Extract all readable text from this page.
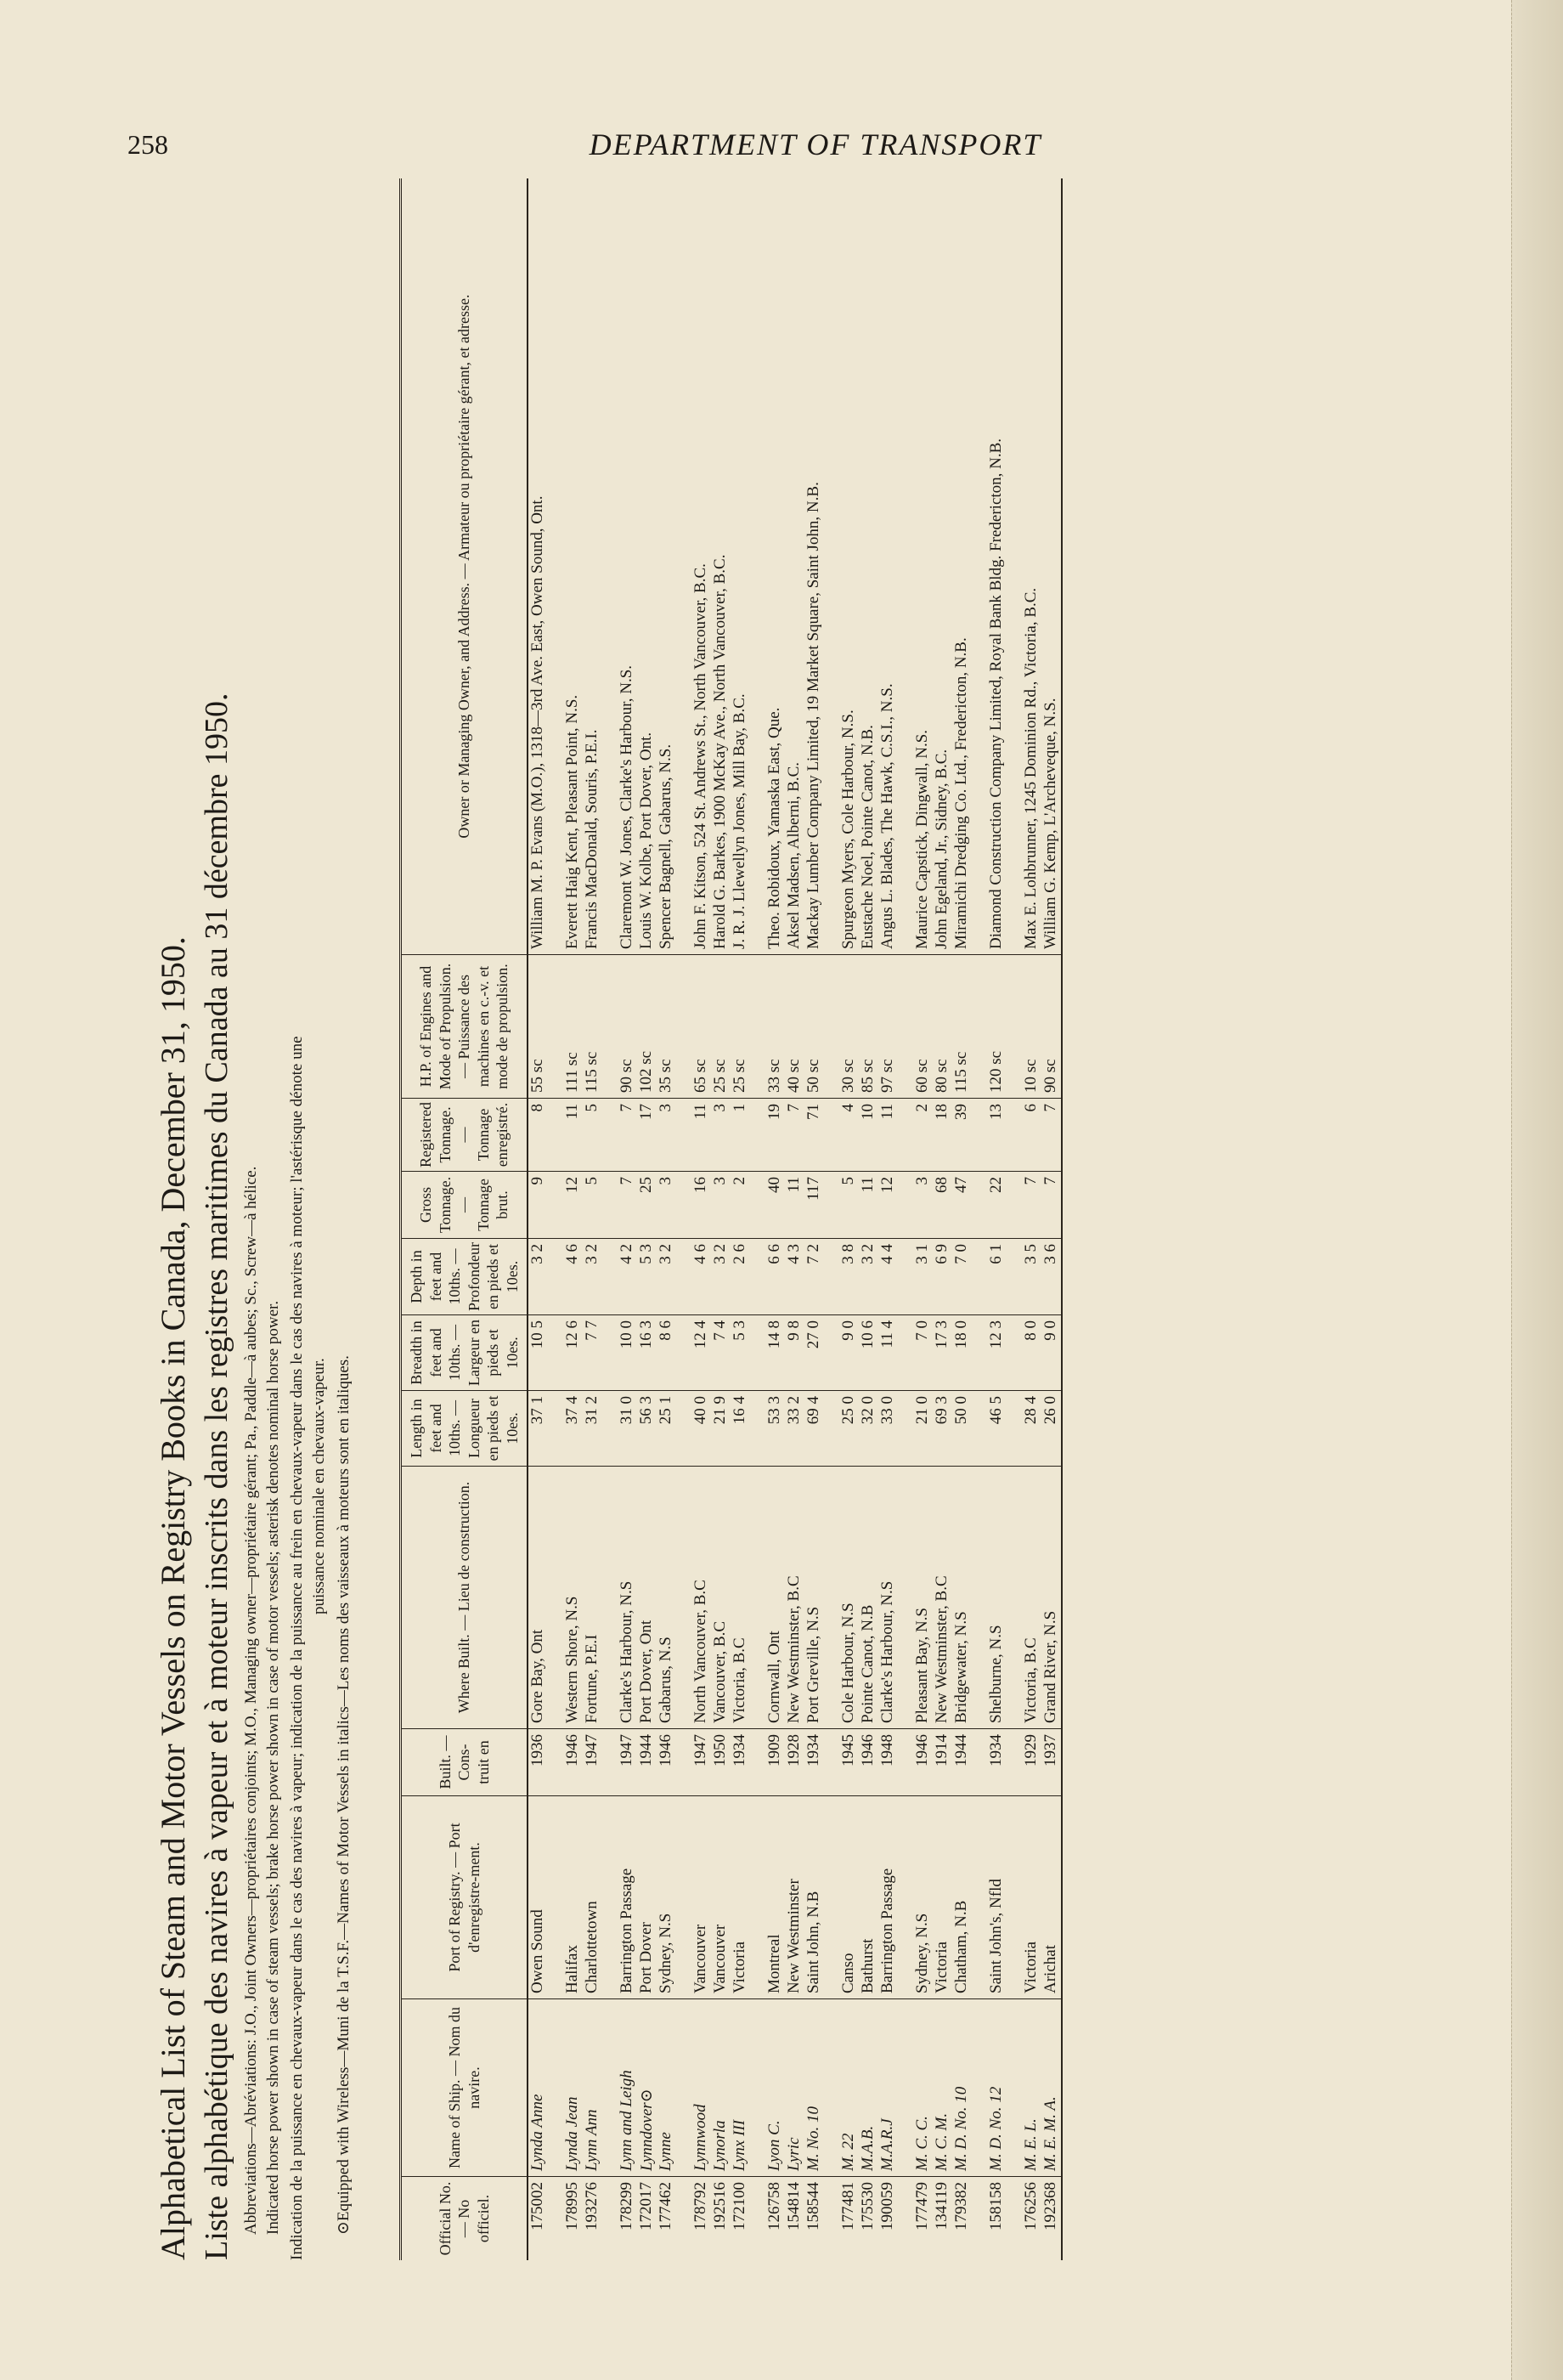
258	DEPARTMENT OF TRANSPORT
Alphabetical List of Steam and Motor Vessels on Registry Books in Canada, December 31, 1950. Liste alphabétique des navires à vapeur et à moteur inscrits dans les registres maritimes du Canada au 31 décembre 1950. Abbreviations—Abréviations: J.O., Joint Owners—propriétaires conjoints; M.O., Managing owner—propriétaire gérant; Pa., Paddle—à aubes; Sc., Screw—à hélice. Indicated horse power shown in case of steam vessels; brake horse power shown in case of motor vessels; asterisk denotes nominal horse power. Indication de la puissance en chevaux-vapeur dans le cas des navires à vapeur; indication de la puissance au frein en chevaux-vapeur dans le cas des navires à moteur; l'astérisque dénote une puissance nominale en chevaux-vapeur. ⊙Equipped with Wireless—Muni de la T.S.F.—Names of Motor Vessels in italics—Les noms des vaisseaux à moteurs sont en italiques.	Official No. — No officiel.	Name of Ship. — Nom du navire.	Port of Registry. — Port d'enregistre-ment.	Built. — Cons-truit en	Where Built. — Lieu de construction.	Length in feet and 10ths. — Longueur en pieds et 10es.	Breadth in feet and 10ths. — Largeur en pieds et 10es.	Depth in feet and 10ths. — Profondeur en pieds et 10es.	Gross Tonnage. — Tonnage brut.	Registered Tonnage. — Tonnage enregistré.	H.P. of Engines and Mode of Propulsion. — Puissance des machines en c.-v. et mode de propulsion.	Owner or Managing Owner, and Address. — Armateur ou propriétaire gérant, et adresse.
175002	Lynda Anne	Owen Sound	1936	Gore Bay, Ont	37 1	10 5	3 2	9	8	55 sc	William M. P. Evans (M.O.), 1318—3rd Ave. East, Owen Sound, Ont.

178995	Lynda Jean	Halifax	1946	Western Shore, N.S	37 4	12 6	4 6	12	11	111 sc	Everett Haig Kent, Pleasant Point, N.S.
193276	Lynn Ann	Charlottetown	1947	Fortune, P.E.I	31 2	7 7	3 2	5	5	115 sc	Francis MacDonald, Souris, P.E.I.

178299	Lynn and Leigh	Barrington Passage	1947	Clarke's Harbour, N.S	31 0	10 0	4 2	7	7	90 sc	Claremont W. Jones, Clarke's Harbour, N.S.
172017	Lynndover⊙	Port Dover	1944	Port Dover, Ont	56 3	16 3	5 3	25	17	102 sc	Louis W. Kolbe, Port Dover, Ont.
177462	Lynne	Sydney, N.S	1946	Gabarus, N.S	25 1	8 6	3 2	3	3	35 sc	Spencer Bagnell, Gabarus, N.S.

178792	Lynnwood	Vancouver	1947	North Vancouver, B.C	40 0	12 4	4 6	16	11	65 sc	John F. Kitson, 524 St. Andrews St., North Vancouver, B.C.
192516	Lynorla	Vancouver	1950	Vancouver, B.C	21 9	7 4	3 2	3	3	25 sc	Harold G. Barkes, 1900 McKay Ave., North Vancouver, B.C.
172100	Lynx III	Victoria	1934	Victoria, B.C	16 4	5 3	2 6	2	1	25 sc	J. R. J. Llewellyn Jones, Mill Bay, B.C.

126758	Lyon C.	Montreal	1909	Cornwall, Ont	53 3	14 8	6 6	40	19	33 sc	Theo. Robidoux, Yamaska East, Que.
154814	Lyric	New Westminster	1928	New Westminster, B.C	33 2	9 8	4 3	11	7	40 sc	Aksel Madsen, Alberni, B.C.
158544	M. No. 10	Saint John, N.B	1934	Port Greville, N.S	69 4	27 0	7 2	117	71	50 sc	Mackay Lumber Company Limited, 19 Market Square, Saint John, N.B.

177481	M. 22	Canso	1945	Cole Harbour, N.S	25 0	9 0	3 8	5	4	30 sc	Spurgeon Myers, Cole Harbour, N.S.
175530	M.A.B.	Bathurst	1946	Pointe Canot, N.B	32 0	10 6	3 2	11	10	85 sc	Eustache Noel, Pointe Canot, N.B.
190059	M.A.R.J	Barrington Passage	1948	Clarke's Harbour, N.S	33 0	11 4	4 4	12	11	97 sc	Angus L. Blades, The Hawk, C.S.I., N.S.

177479	M. C. C.	Sydney, N.S	1946	Pleasant Bay, N.S	21 0	7 0	3 1	3	2	60 sc	Maurice Capstick, Dingwall, N.S.
134119	M. C. M.	Victoria	1914	New Westminster, B.C	69 3	17 3	6 9	68	18	80 sc	John Egeland, Jr., Sidney, B.C.
179382	M. D. No. 10	Chatham, N.B	1944	Bridgewater, N.S	50 0	18 0	7 0	47	39	115 sc	Miramichi Dredging Co. Ltd., Fredericton, N.B.

158158	M. D. No. 12	Saint John's, Nfld	1934	Shelburne, N.S	46 5	12 3	6 1	22	13	120 sc	Diamond Construction Company Limited, Royal Bank Bldg. Fredericton, N.B.

176256	M. E. L.	Victoria	1929	Victoria, B.C	28 4	8 0	3 5	7	6	10 sc	Max E. Lohbrunner, 1245 Dominion Rd., Victoria, B.C.
192368	M. E. M. A.	Arichat	1937	Grand River, N.S	26 0	9 0	3 6	7	7	90 sc	William G. Kemp, L'Archeveque, N.S.
